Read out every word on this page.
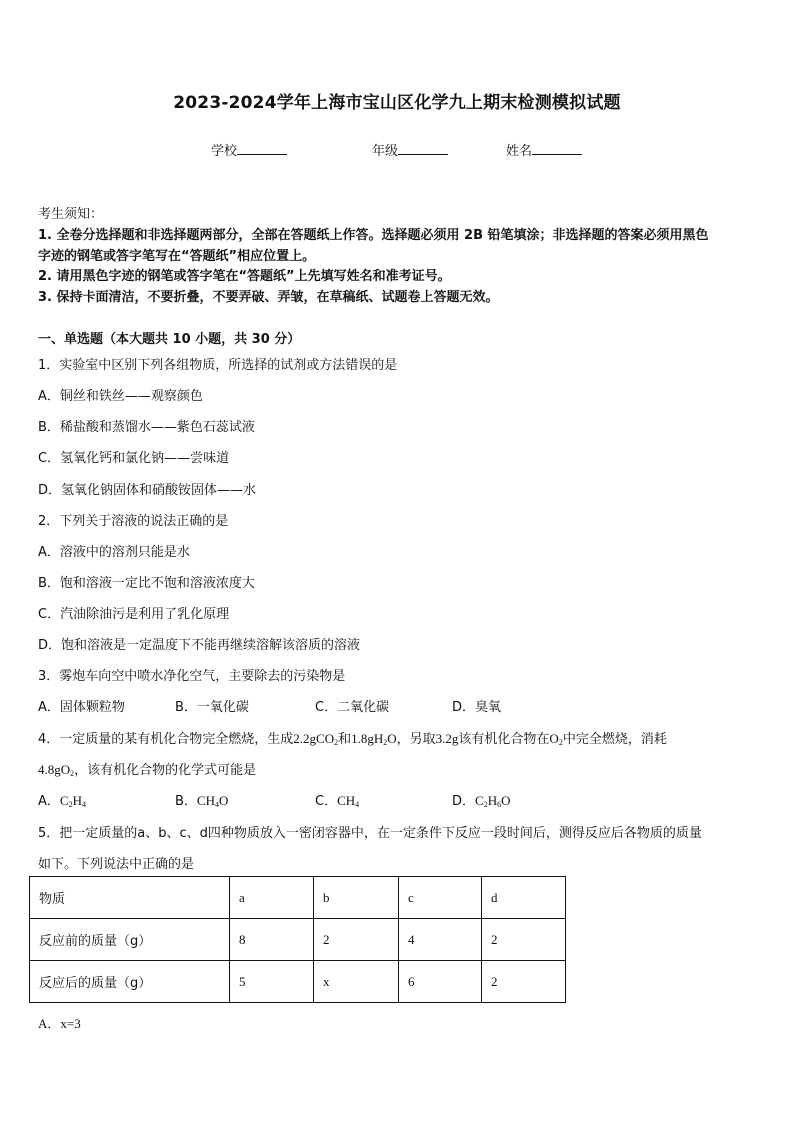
2023-2024学年上海市宝山区化学九上期末检测模拟试题
学校	年级	姓名
考生须知：
1. 全卷分选择题和非选择题两部分，全部在答题纸上作答。选择题必须用 2B 铅笔填涂；非选择题的答案必须用黑色
字迹的钢笔或答字笔写在“答题纸”相应位置上。
2. 请用黑色字迹的钢笔或答字笔在“答题纸”上先填写姓名和准考证号。
3. 保持卡面清洁，不要折叠，不要弄破、弄皱，在草稿纸、试题卷上答题无效。
一、单选题（本大题共 10 小题，共 30 分）
1．实验室中区别下列各组物质，所选择的试剂或方法错误的是
A．铜丝和铁丝——观察颜色
B．稀盐酸和蒸馏水——紫色石蕊试液
C．氢氧化钙和氯化钠——尝味道
D．氢氧化钠固体和硝酸铵固体——水
2．下列关于溶液的说法正确的是
A．溶液中的溶剂只能是水
B．饱和溶液一定比不饱和溶液浓度大
C．汽油除油污是利用了乳化原理
D．饱和溶液是一定温度下不能再继续溶解该溶质的溶液
3．雾炮车向空中喷水净化空气，主要除去的污染物是
A．固体颗粒物	B．一氧化碳	C．二氧化碳	D．臭氧
4．一定质量的某有机化合物完全燃烧，生成2.2gCO$_2$和$1.8gH_2O$，另取3.2g该有机化合物在$O_2$中完全燃烧，消耗
$4.8gO_2$，该有机化合物的化学式可能是
A．$C_2H_4$	B．$CH_4O$	C．$CH_4$	D．$C_2H_6O$
5．把一定质量的a、b、c、d四种物质放入一密闭容器中，在一定条件下反应一段时间后，测得反应后各物质的质量
如下。下列说法中正确的是
物质	a	b	c	d
反应前的质量（g）	8	2	4	2
反应后的质量（g）	5	x	6	2
A．x=3
